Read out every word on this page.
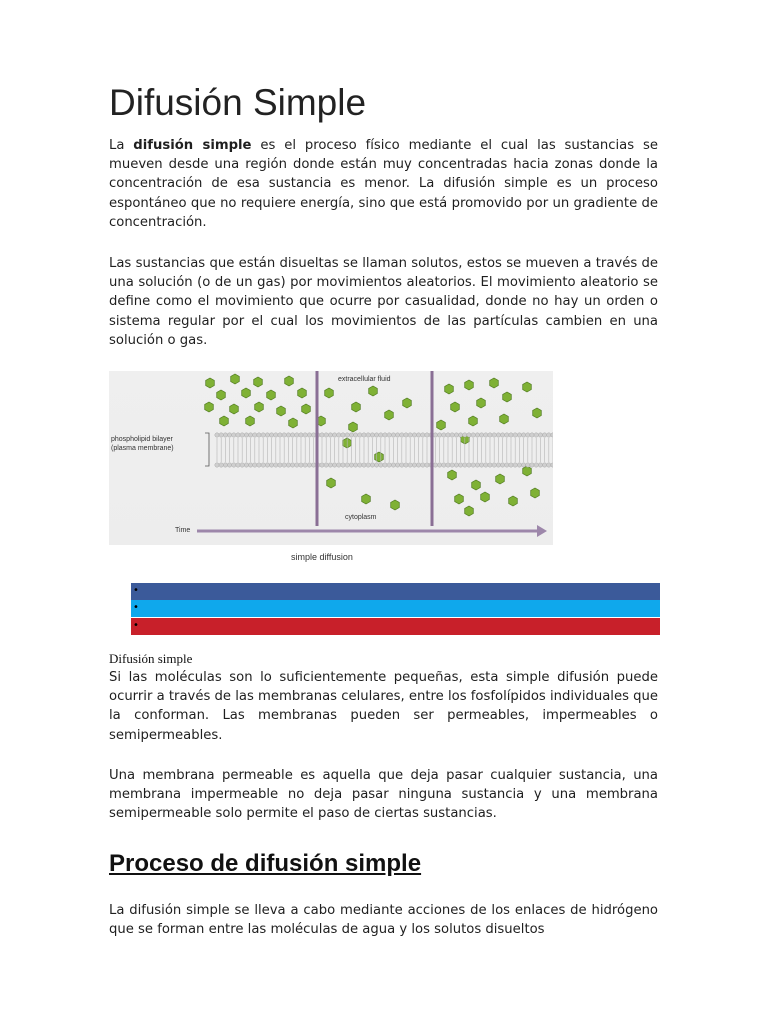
Difusión Simple
La difusión simple es el proceso físico mediante el cual las sustancias se mueven desde una región donde están muy concentradas hacia zonas donde la concentración de esa sustancia es menor. La difusión simple es un proceso espontáneo que no requiere energía, sino que está promovido por un gradiente de concentración.
Las sustancias que están disueltas se llaman solutos, estos se mueven a través de una solución (o de un gas) por movimientos aleatorios. El movimiento aleatorio se define como el movimiento que ocurre por casualidad, donde no hay un orden o sistema regular por el cual los movimientos de las partículas cambien en una solución o gas.
extracellular fluid
phospholipid bilayer
(plasma membrane)
cytoplasm
Time
simple diffusion
•
•
•
Difusión simple
Si las moléculas son lo suficientemente pequeñas, esta simple difusión puede ocurrir a través de las membranas celulares, entre los fosfolípidos individuales que la conforman. Las membranas pueden ser permeables, impermeables o semipermeables.
Una membrana permeable es aquella que deja pasar cualquier sustancia, una membrana impermeable no deja pasar ninguna sustancia y una membrana semipermeable solo permite el paso de ciertas sustancias.
Proceso de difusión simple
La difusión simple se lleva a cabo mediante acciones de los enlaces de hidrógeno que se forman entre las moléculas de agua y los solutos disueltos
